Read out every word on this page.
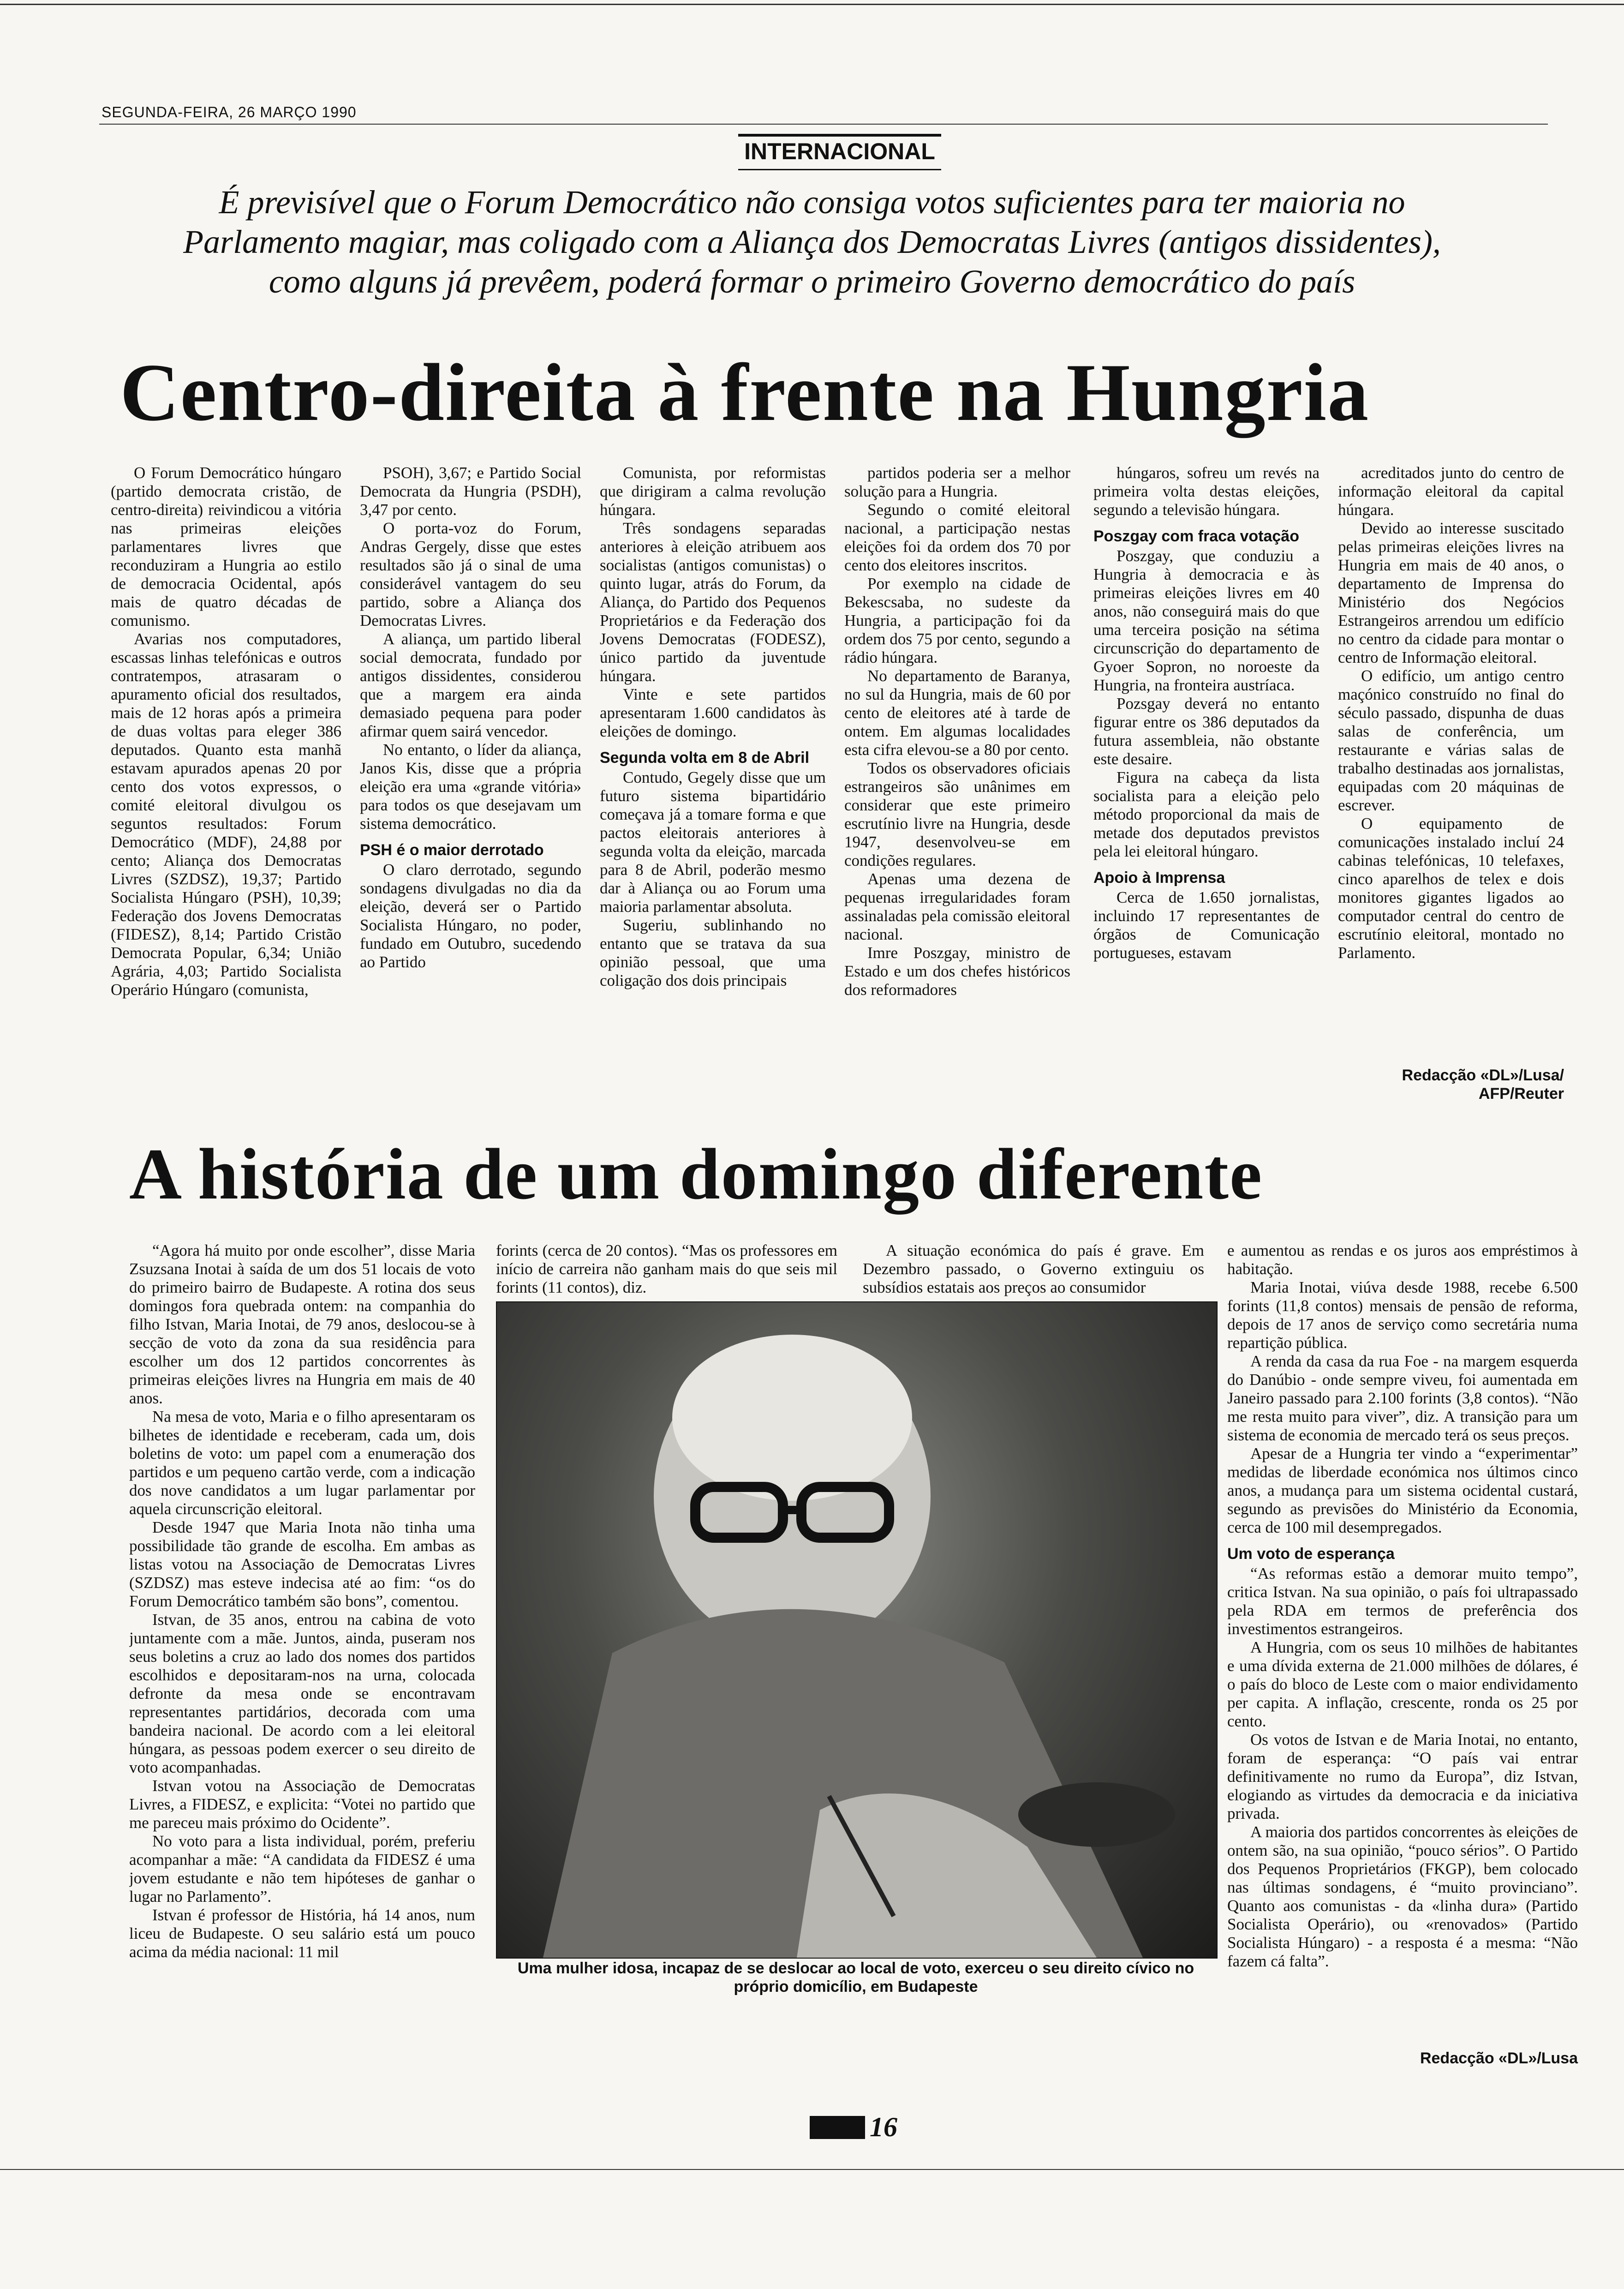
SEGUNDA-FEIRA, 26 MARÇO 1990
INTERNACIONAL
É previsível que o Forum Democrático não consiga votos suficientes para ter maioria no Parlamento magiar, mas coligado com a Aliança dos Democratas Livres (antigos dissidentes), como alguns já prevêem, poderá formar o primeiro Governo democrático do país
Centro-direita à frente na Hungria

O Forum Democrático húngaro (partido democrata cristão, de centro-direita) reivindicou a vitória nas primeiras eleições parlamentares livres que reconduziram a Hungria ao estilo de democracia Ocidental, após mais de quatro décadas de comunismo.

Avarias nos computadores, escassas linhas telefónicas e outros contratempos, atrasaram o apuramento oficial dos resultados, mais de 12 horas após a primeira de duas voltas para eleger 386 deputados. Quanto esta manhã estavam apurados apenas 20 por cento dos votos expressos, o comité eleitoral divulgou os seguntos resultados: Forum Democrático (MDF), 24,88 por cento; Aliança dos Democratas Livres (SZDSZ), 19,37; Partido Socialista Húngaro (PSH), 10,39; Federação dos Jovens Democratas (FIDESZ), 8,14; Partido Cristão Democrata Popular, 6,34; União Agrária, 4,03; Partido Socialista Operário Húngaro (comunista,

PSOH), 3,67; e Partido Social Democrata da Hungria (PSDH), 3,47 por cento.

O porta-voz do Forum, Andras Gergely, disse que estes resultados são já o sinal de uma considerável vantagem do seu partido, sobre a Aliança dos Democratas Livres.

A aliança, um partido liberal social democrata, fundado por antigos dissidentes, considerou que a margem era ainda demasiado pequena para poder afirmar quem sairá vencedor.

No entanto, o líder da aliança, Janos Kis, disse que a própria eleição era uma «grande vitória» para todos os que desejavam um sistema democrático.

PSH é o maior derrotado

O claro derrotado, segundo sondagens divulgadas no dia da eleição, deverá ser o Partido Socialista Húngaro, no poder, fundado em Outubro, sucedendo ao Partido

Comunista, por reformistas que dirigiram a calma revolução húngara.

Três sondagens separadas anteriores à eleição atribuem aos socialistas (antigos comunistas) o quinto lugar, atrás do Forum, da Aliança, do Partido dos Pequenos Proprietários e da Federação dos Jovens Democratas (FODESZ), único partido da juventude húngara.

Vinte e sete partidos apresentaram 1.600 candidatos às eleições de domingo.

Segunda volta em 8 de Abril

Contudo, Gegely disse que um futuro sistema bipartidário começava já a tomare forma e que pactos eleitorais anteriores à segunda volta da eleição, marcada para 8 de Abril, poderão mesmo dar à Aliança ou ao Forum uma maioria parlamentar absoluta.

Sugeriu, sublinhando no entanto que se tratava da sua opinião pessoal, que uma coligação dos dois principais

partidos poderia ser a melhor solução para a Hungria.

Segundo o comité eleitoral nacional, a participação nestas eleições foi da ordem dos 70 por cento dos eleitores inscritos.

Por exemplo na cidade de Bekescsaba, no sudeste da Hungria, a participação foi da ordem dos 75 por cento, segundo a rádio húngara.

No departamento de Baranya, no sul da Hungria, mais de 60 por cento de eleitores até à tarde de ontem. Em algumas localidades esta cifra elevou-se a 80 por cento.

Todos os observadores oficiais estrangeiros são unânimes em considerar que este primeiro escrutínio livre na Hungria, desde 1947, desenvolveu-se em condições regulares.

Apenas uma dezena de pequenas irregularidades foram assinaladas pela comissão eleitoral nacional.

Imre Poszgay, ministro de Estado e um dos chefes históricos dos reformadores

húngaros, sofreu um revés na primeira volta destas eleições, segundo a televisão húngara.

Poszgay com fraca votação

Poszgay, que conduziu a Hungria à democracia e às primeiras eleições livres em 40 anos, não conseguirá mais do que uma terceira posição na sétima circunscrição do departamento de Gyoer Sopron, no noroeste da Hungria, na fronteira austríaca.

Pozsgay deverá no entanto figurar entre os 386 deputados da futura assembleia, não obstante este desaire.

Figura na cabeça da lista socialista para a eleição pelo método proporcional da mais de metade dos deputados previstos pela lei eleitoral húngaro.

Apoio à Imprensa

Cerca de 1.650 jornalistas, incluindo 17 representantes de órgãos de Comunicação portugueses, estavam

acreditados junto do centro de informação eleitoral da capital húngara.

Devido ao interesse suscitado pelas primeiras eleições livres na Hungria em mais de 40 anos, o departamento de Imprensa do Ministério dos Negócios Estrangeiros arrendou um edifício no centro da cidade para montar o centro de Informação eleitoral.

O edifício, um antigo centro maçónico construído no final do século passado, dispunha de duas salas de conferência, um restaurante e várias salas de trabalho destinadas aos jornalistas, equipadas com 20 máquinas de escrever.

O equipamento de comunicações instalado incluí 24 cabinas telefónicas, 10 telefaxes, cinco aparelhos de telex e dois monitores gigantes ligados ao computador central do centro de escrutínio eleitoral, montado no Parlamento.

Redacção «DL»/Lusa/ AFP/Reuter
A história de um domingo diferente

“Agora há muito por onde escolher”, disse Maria Zsuzsana Inotai à saída de um dos 51 locais de voto do primeiro bairro de Budapeste. A rotina dos seus domingos fora quebrada ontem: na companhia do filho Istvan, Maria Inotai, de 79 anos, deslocou-se à secção de voto da zona da sua residência para escolher um dos 12 partidos concorrentes às primeiras eleições livres na Hungria em mais de 40 anos.

Na mesa de voto, Maria e o filho apresentaram os bilhetes de identidade e receberam, cada um, dois boletins de voto: um papel com a enumeração dos partidos e um pequeno cartão verde, com a indicação dos nove candidatos a um lugar parlamentar por aquela circunscrição eleitoral.

Desde 1947 que Maria Inota não tinha uma possibilidade tão grande de escolha. Em ambas as listas votou na Associação de Democratas Livres (SZDSZ) mas esteve indecisa até ao fim: “os do Forum Democrático também são bons”, comentou.

Istvan, de 35 anos, entrou na cabina de voto juntamente com a mãe. Juntos, ainda, puseram nos seus boletins a cruz ao lado dos nomes dos partidos escolhidos e depositaram-nos na urna, colocada defronte da mesa onde se encontravam representantes partidários, decorada com uma bandeira nacional. De acordo com a lei eleitoral húngara, as pessoas podem exercer o seu direito de voto acompanhadas.

Istvan votou na Associação de Democratas Livres, a FIDESZ, e explicita: “Votei no partido que me pareceu mais próximo do Ocidente”.

No voto para a lista individual, porém, preferiu acompanhar a mãe: “A candidata da FIDESZ é uma jovem estudante e não tem hipóteses de ganhar o lugar no Parlamento”.

Istvan é professor de História, há 14 anos, num liceu de Budapeste. O seu salário está um pouco acima da média nacional: 11 mil

forints (cerca de 20 contos). “Mas os professores em início de carreira não ganham mais do que seis mil forints (11 contos), diz.

A situação económica do país é grave. Em Dezembro passado, o Governo extinguiu os subsídios estatais aos preços ao consumidor

Uma mulher idosa, incapaz de se deslocar ao local de voto, exerceu o seu direito cívico no próprio domicílio, em Budapeste

e aumentou as rendas e os juros aos empréstimos à habitação.

Maria Inotai, viúva desde 1988, recebe 6.500 forints (11,8 contos) mensais de pensão de reforma, depois de 17 anos de serviço como secretária numa repartição pública.

A renda da casa da rua Foe - na margem esquerda do Danúbio - onde sempre viveu, foi aumentada em Janeiro passado para 2.100 forints (3,8 contos). “Não me resta muito para viver”, diz. A transição para um sistema de economia de mercado terá os seus preços.

Apesar de a Hungria ter vindo a “experimentar” medidas de liberdade económica nos últimos cinco anos, a mudança para um sistema ocidental custará, segundo as previsões do Ministério da Economia, cerca de 100 mil desempregados.

Um voto de esperança

“As reformas estão a demorar muito tempo”, critica Istvan. Na sua opinião, o país foi ultrapassado pela RDA em termos de preferência dos investimentos estrangeiros.

A Hungria, com os seus 10 milhões de habitantes e uma dívida externa de 21.000 milhões de dólares, é o país do bloco de Leste com o maior endividamento per capita. A inflação, crescente, ronda os 25 por cento.

Os votos de Istvan e de Maria Inotai, no entanto, foram de esperança: “O país vai entrar definitivamente no rumo da Europa”, diz Istvan, elogiando as virtudes da democracia e da iniciativa privada.

A maioria dos partidos concorrentes às eleições de ontem são, na sua opinião, “pouco sérios”. O Partido dos Pequenos Proprietários (FKGP), bem colocado nas últimas sondagens, é “muito provinciano”. Quanto aos comunistas - da «linha dura» (Partido Socialista Operário), ou «renovados» (Partido Socialista Húngaro) - a resposta é a mesma: “Não fazem cá falta”.

Redacção «DL»/Lusa
16
